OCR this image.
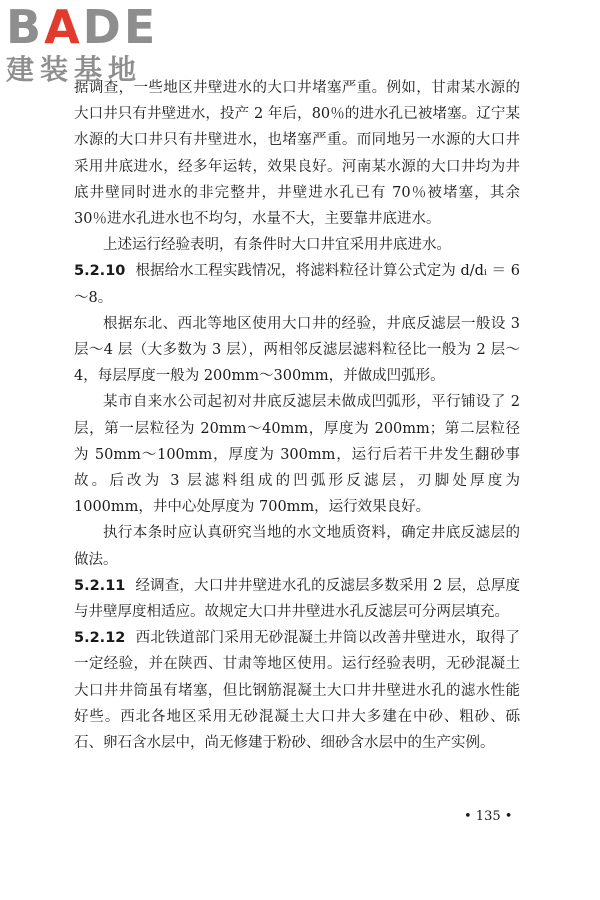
BADE
建装基地

据调查，一些地区井壁进水的大口井堵塞严重。例如，甘肃某水源的大口井只有井壁进水，投产 2 年后，80％的进水孔已被堵塞。辽宁某水源的大口井只有井壁进水，也堵塞严重。而同地另一水源的大口井采用井底进水，经多年运转，效果良好。河南某水源的大口井均为井底井壁同时进水的非完整井，井壁进水孔已有 70％被堵塞，其余 30％进水孔进水也不均匀，水量不大，主要靠井底进水。

上述运行经验表明，有条件时大口井宜采用井底进水。

5.2.10 根据给水工程实践情况，将滤料粒径计算公式定为 d/dᵢ ＝ 6～8。

根据东北、西北等地区使用大口井的经验，井底反滤层一般设 3 层～4 层（大多数为 3 层），两相邻反滤层滤料粒径比一般为 2 层～4，每层厚度一般为 200mm～300mm，并做成凹弧形。

某市自来水公司起初对井底反滤层未做成凹弧形，平行铺设了 2 层，第一层粒径为 20mm～40mm，厚度为 200mm；第二层粒径为 50mm～100mm，厚度为 300mm，运行后若干井发生翻砂事故。后改为 3 层滤料组成的凹弧形反滤层，刃脚处厚度为 1000mm，井中心处厚度为 700mm，运行效果良好。

执行本条时应认真研究当地的水文地质资料，确定井底反滤层的做法。

5.2.11 经调查，大口井井壁进水孔的反滤层多数采用 2 层，总厚度与井壁厚度相适应。故规定大口井井壁进水孔反滤层可分两层填充。

5.2.12 西北铁道部门采用无砂混凝土井筒以改善井壁进水，取得了一定经验，并在陕西、甘肃等地区使用。运行经验表明，无砂混凝土大口井井筒虽有堵塞，但比钢筋混凝土大口井井壁进水孔的滤水性能好些。西北各地区采用无砂混凝土大口井大多建在中砂、粗砂、砾石、卵石含水层中，尚无修建于粉砂、细砂含水层中的生产实例。

• 135 •
